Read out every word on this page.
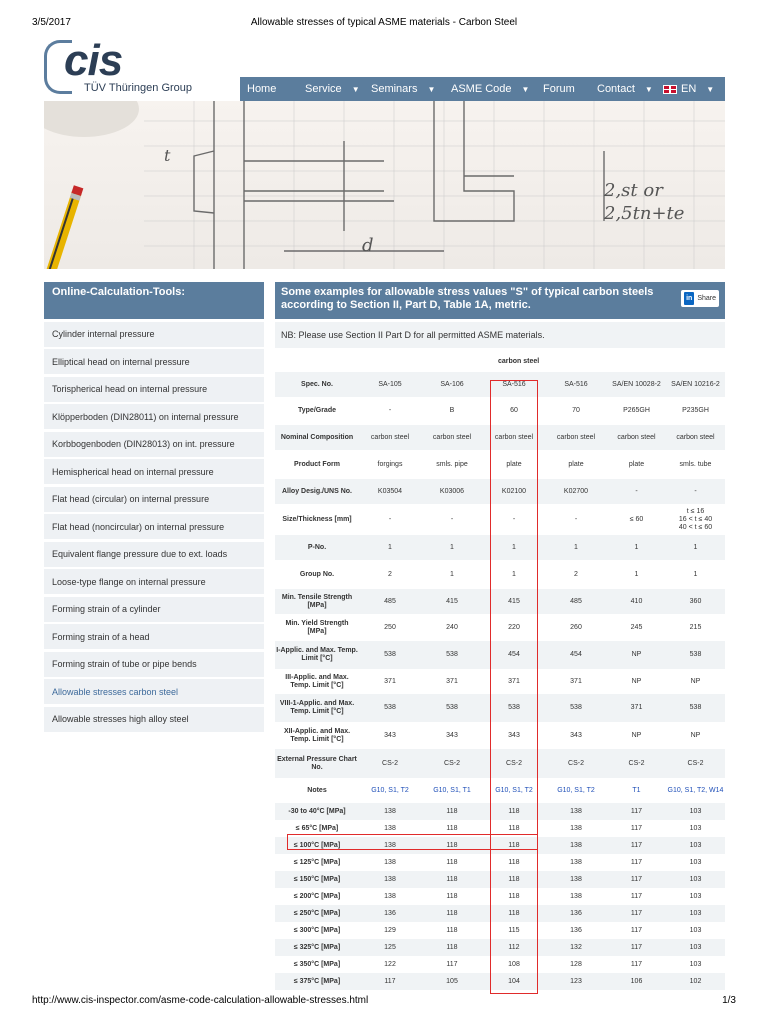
3/5/2017	Allowable stresses of typical ASME materials - Carbon Steel
cis
TÜV Thüringen Group	Home	Service ▼ Seminars ▼ ASME Code ▼ Forum Contact ▼	EN ▼
2,st or
2,5tn+te
d
t
Online-Calculation-Tools:
Cylinder internal pressure
Elliptical head on internal pressure
Torispherical head on internal pressure
Klöpperboden (DIN28011) on internal pressure
Korbbogenboden (DIN28013) on int. pressure
Hemispherical head on internal pressure
Flat head (circular) on internal pressure
Flat head (noncircular) on internal pressure
Equivalent flange pressure due to ext. loads
Loose-type flange on internal pressure
Forming strain of a cylinder
Forming strain of a head
Forming strain of tube or pipe bends
Allowable stresses carbon steel
Allowable stresses high alloy steel
Some examples for allowable stress values "S" of typical carbon steels according to Section II, Part D, Table 1A, metric.
in Share
NB: Please use Section II Part D for all permitted ASME materials.
carbon steel
Spec. No.	SA-105	SA-106	SA-516	SA-516	SA/EN 10028-2	SA/EN 10216-2
Type/Grade	-	B	60	70	P265GH	P235GH
Nominal Composition	carbon steel	carbon steel	carbon steel	carbon steel	carbon steel	carbon steel
Product Form	forgings	smls. pipe	plate	plate	plate	smls. tube
Alloy Desig./UNS No.	K03504	K03006	K02100	K02700	-	-
Size/Thickness [mm]	-	-	-	-	≤ 60	t ≤ 16
16 < t ≤ 40
40 < t ≤ 60
P-No.	1	1	1	1	1	1
Group No.	2	1	1	2	1	1
Min. Tensile Strength [MPa]	485	415	415	485	410	360
Min. Yield Strength [MPa]	250	240	220	260	245	215
I-Applic. and Max. Temp. Limit [°C]	538	538	454	454	NP	538
III-Applic. and Max. Temp. Limit [°C]	371	371	371	371	NP	NP
VIII-1-Applic. and Max. Temp. Limit [°C]	538	538	538	538	371	538
XII-Applic. and Max. Temp. Limit [°C]	343	343	343	343	NP	NP
External Pressure Chart No.	CS-2	CS-2	CS-2	CS-2	CS-2	CS-2
Notes	G10, S1, T2	G10, S1, T1	G10, S1, T2	G10, S1, T2	T1	G10, S1, T2, W14
-30 to 40°C [MPa]	138	118	118	138	117	103
≤ 65°C [MPa]	138	118	118	138	117	103
≤ 100°C [MPa]	138	118	118	138	117	103
≤ 125°C [MPa]	138	118	118	138	117	103
≤ 150°C [MPa]	138	118	118	138	117	103
≤ 200°C [MPa]	138	118	118	138	117	103
≤ 250°C [MPa]	136	118	118	136	117	103
≤ 300°C [MPa]	129	118	115	136	117	103
≤ 325°C [MPa]	125	118	112	132	117	103
≤ 350°C [MPa]	122	117	108	128	117	103
≤ 375°C [MPa]	117	105	104	123	106	102
http://www.cis-inspector.com/asme-code-calculation-allowable-stresses.html	1/3
